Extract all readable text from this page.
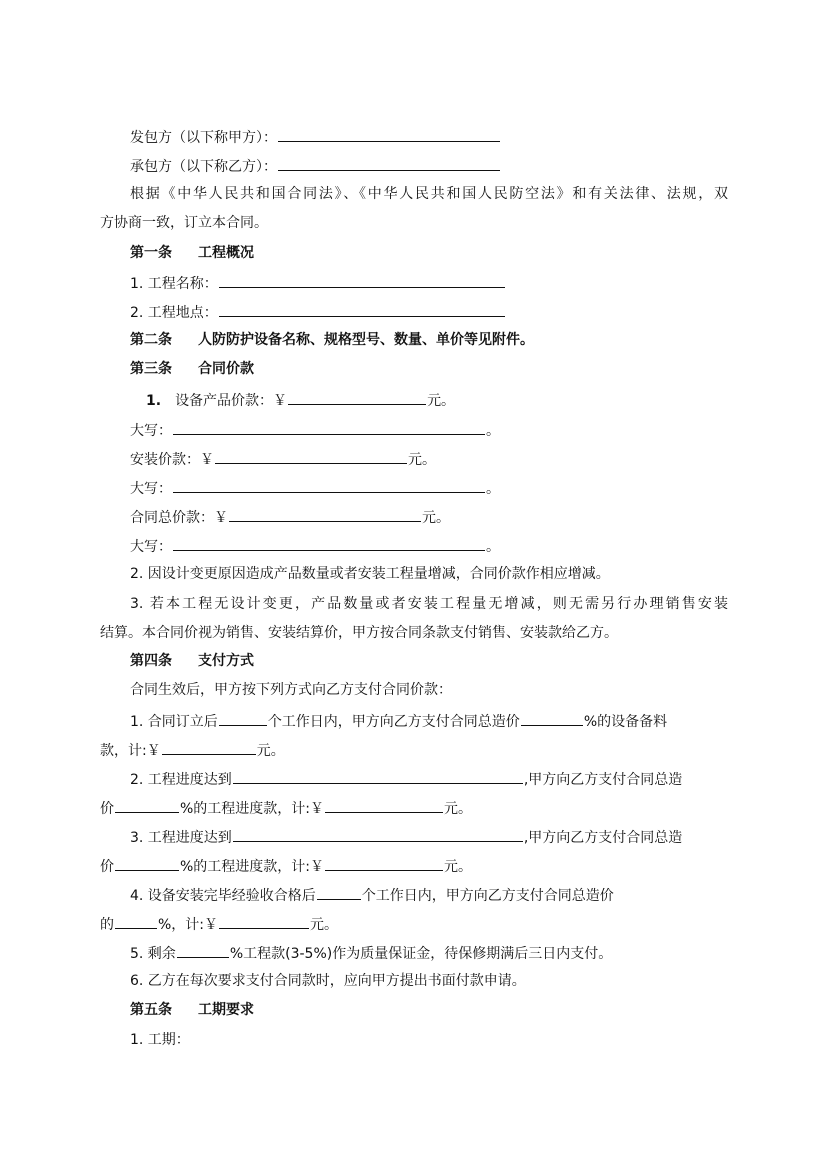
发包方（以下称甲方）：
承包方（以下称乙方）：
根据《中华人民共和国合同法》、《中华人民共和国人民防空法》和有关法律、法规，双
方协商一致，订立本合同。
第一条 工程概况
1. 工程名称：
2. 工程地点：
第二条 人防防护设备名称、规格型号、数量、单价等见附件。
第三条 合同价款
1. 设备产品价款：￥	元。
大写：	。
安装价款：￥	元。
大写：	。
合同总价款：￥	元。
大写：	。
2. 因设计变更原因造成产品数量或者安装工程量增减，合同价款作相应增减。
3. 若本工程无设计变更，产品数量或者安装工程量无增减，则无需另行办理销售安装
结算。本合同价视为销售、安装结算价，甲方按合同条款支付销售、安装款给乙方。
第四条 支付方式
合同生效后，甲方按下列方式向乙方支付合同价款：
1. 合同订立后	个工作日内，甲方向乙方支付合同总造价	%的设备备料
款，计:￥	元。
2. 工程进度达到	,甲方向乙方支付合同总造
价	%的工程进度款，计:￥	元。
3. 工程进度达到	,甲方向乙方支付合同总造
价	%的工程进度款，计:￥	元。
4. 设备安装完毕经验收合格后	个工作日内，甲方向乙方支付合同总造价
的	%，计:￥	元。
5. 剩余	%工程款(3-5%)作为质量保证金，待保修期满后三日内支付。
6. 乙方在每次要求支付合同款时，应向甲方提出书面付款申请。
第五条 工期要求
1. 工期：
